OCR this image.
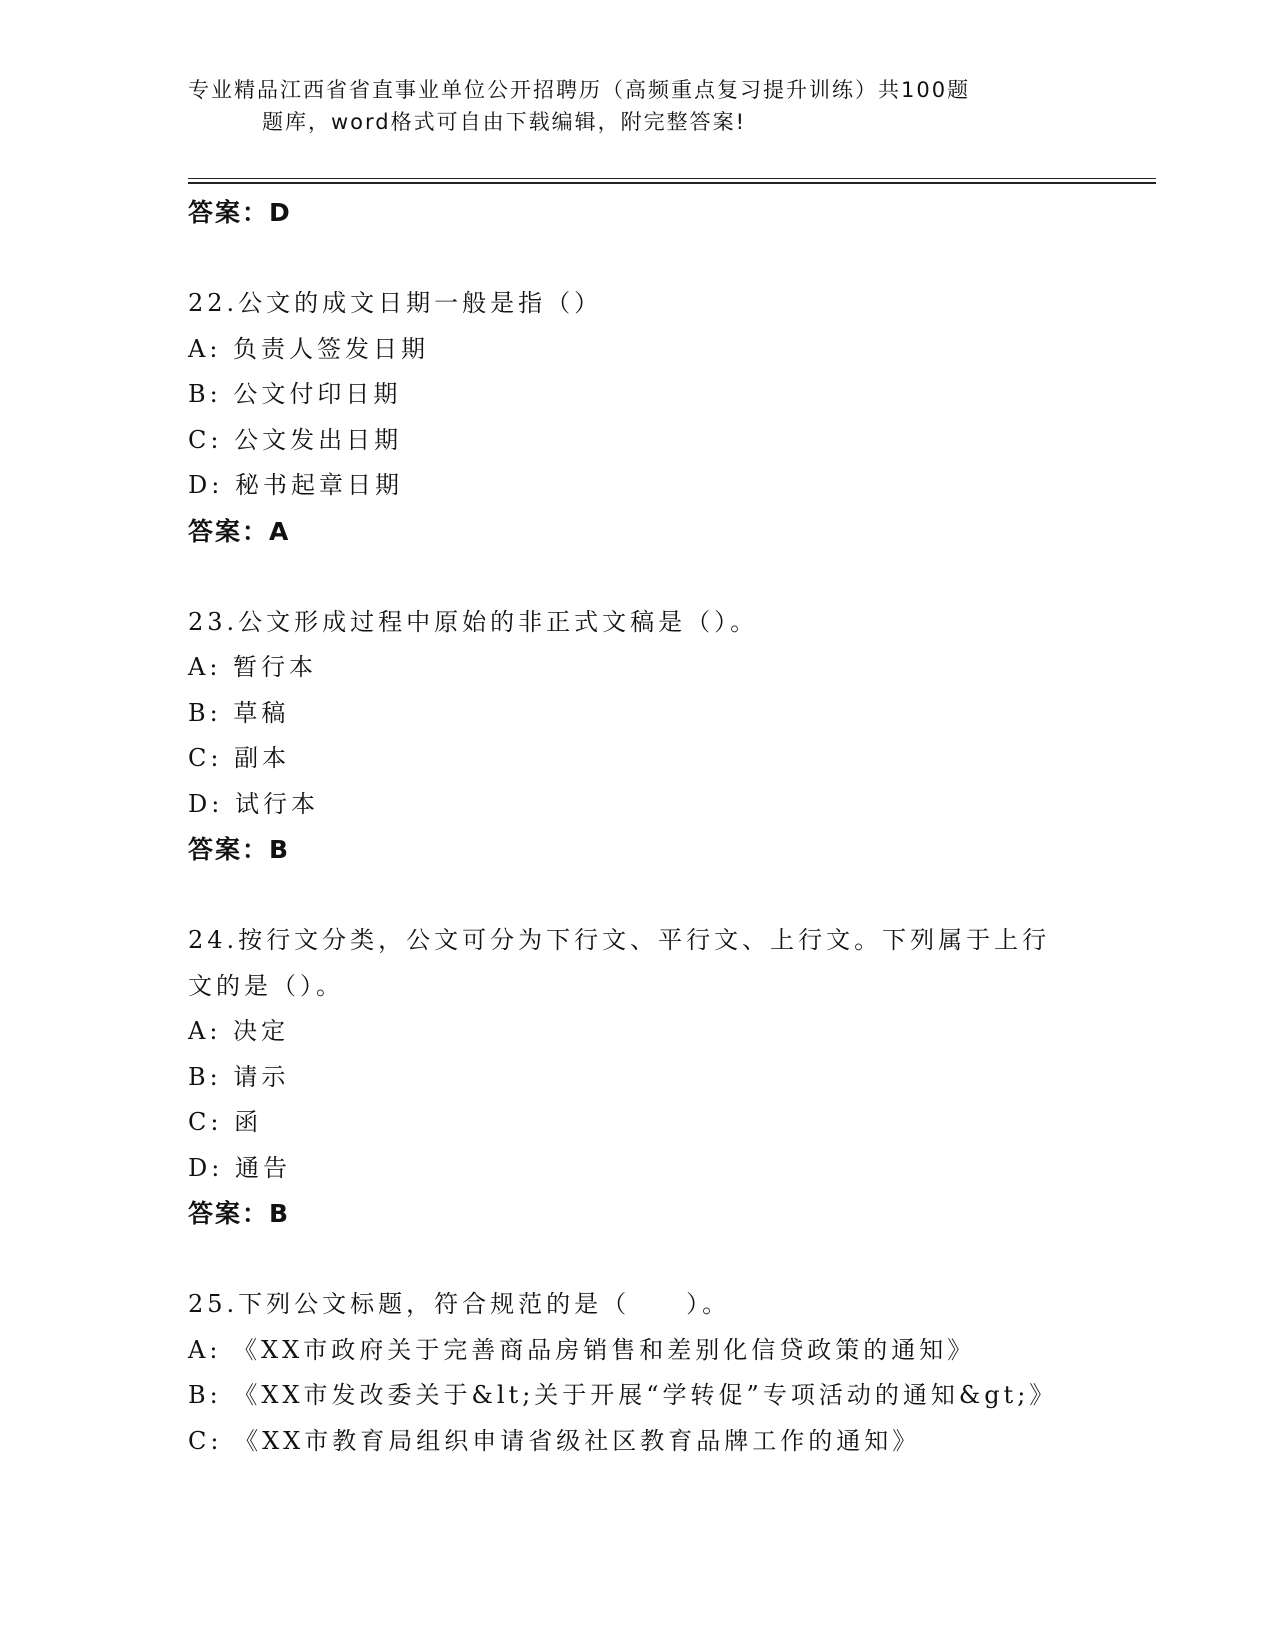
专业精品江西省省直事业单位公开招聘历（高频重点复习提升训练）共100题
题库，word格式可自由下载编辑，附完整答案!
答案：D
22.公文的成文日期一般是指（）
A: 负责人签发日期
B: 公文付印日期
C: 公文发出日期
D: 秘书起章日期
答案：A
23.公文形成过程中原始的非正式文稿是（）。
A: 暂行本
B: 草稿
C: 副本
D: 试行本
答案：B
24.按行文分类，公文可分为下行文、平行文、上行文。下列属于上行
文的是（）。
A: 决定
B: 请示
C: 函
D: 通告
答案：B
25.下列公文标题，符合规范的是（　　）。
A: 《XX市政府关于完善商品房销售和差别化信贷政策的通知》
B: 《XX市发改委关于&lt;关于开展“学转促”专项活动的通知&gt;》
C: 《XX市教育局组织申请省级社区教育品牌工作的通知》
